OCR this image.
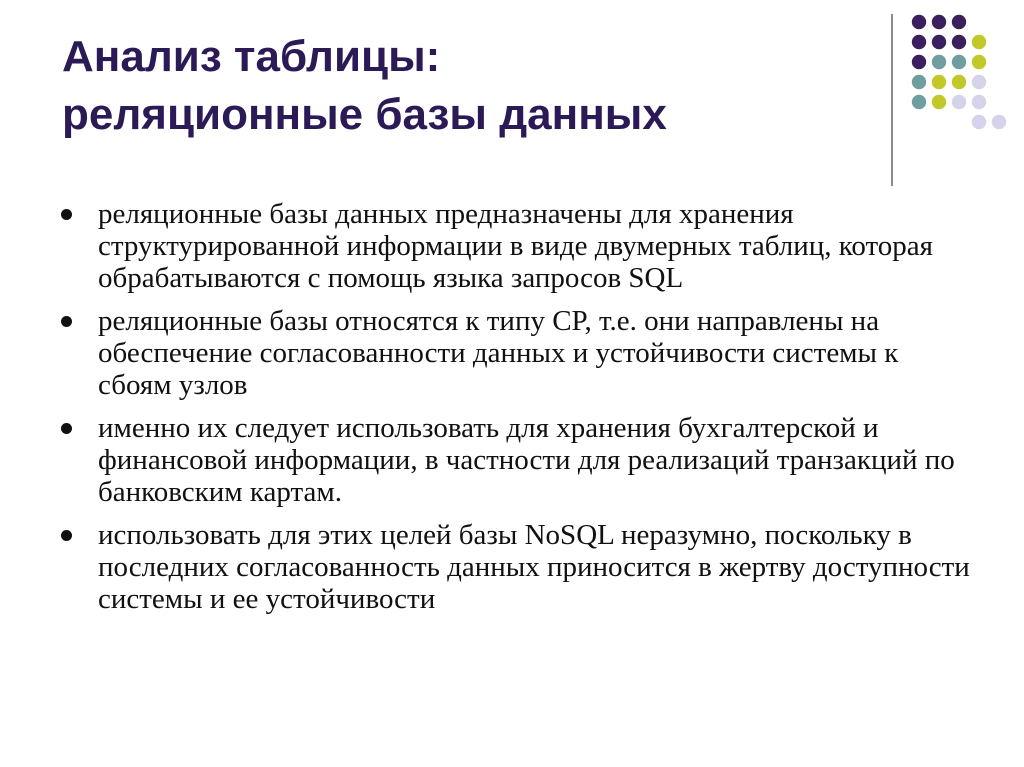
Анализ таблицы:
реляционные базы данных
реляционные базы данных предназначены для хранения структурированной информации в виде двумерных таблиц, которая обрабатываются с помощь языка запросов SQL
реляционные базы относятся к типу CP, т.е. они направлены на обеспечение согласованности данных и устойчивости системы к сбоям узлов
именно их следует использовать для хранения бухгалтерской и финансовой информации, в частности для реализаций транзакций по банковским картам.
использовать для этих целей базы NoSQL неразумно, поскольку в последних согласованность данных приносится в жертву доступности системы и ее устойчивости
